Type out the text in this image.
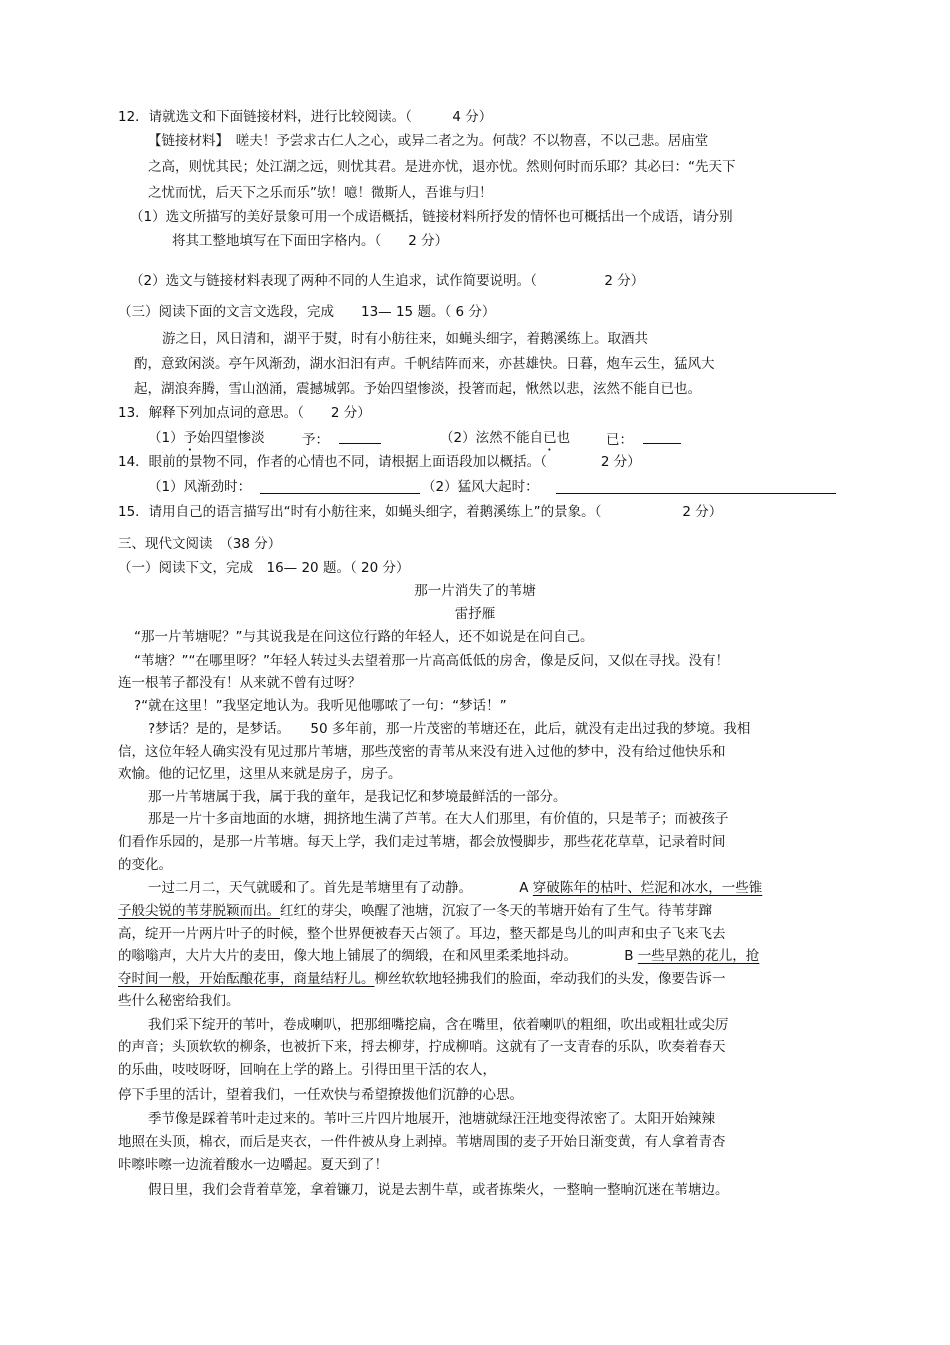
12．请就选文和下面链接材料，进行比较阅读。（　　　4 分）
【链接材料】　嗟夫！予尝求古仁人之心，或异二者之为。何哉？不以物喜，不以己悲。居庙堂
之高，则忧其民；处江湖之远，则忧其君。是进亦忧，退亦忧。然则何时而乐耶？其必曰：“先天下
之忧而忧，后天下之乐而乐”欤！噫！微斯人，吾谁与归！
（1）选文所描写的美好景象可用一个成语概括，链接材料所抒发的情怀也可概括出一个成语，请分别
将其工整地填写在下面田字格内。（　　2 分）
（2）选文与链接材料表现了两种不同的人生追求，试作简要说明。（　　　　　2 分）
（三）阅读下面的文言文选段，完成　　13— 15 题。（ 6 分）
游之日，风日清和，湖平于熨，时有小舫往来，如蝇头细字，着鹅溪练上。取酒共
酌，意致闲淡。亭午风渐劲，湖水汩汩有声。千帆结阵而来，亦甚雄快。日暮，炮车云生，猛风大
起，湖浪奔腾，雪山汹涌，震撼城郭。予始四望惨淡，投箸而起，愀然以悲，泫然不能自已也。
13．解释下列加点词的意思。（　　2 分）
（1）予始四望惨淡	予：	（2）泫然不能自已也	已：
14．眼前的景物不同，作者的心情也不同，请根据上面语段加以概括。（　　　　2 分）
（1）风渐劲时：	（2）猛风大起时：
15．请用自己的语言描写出“时有小舫往来，如蝇头细字，着鹅溪练上”的景象。（　　　　　　2 分）
三、现代文阅读　（38 分）
（一）阅读下文，完成　16— 20 题。（ 20 分）
那一片消失了的苇塘
雷抒雁
“那一片苇塘呢？”与其说我是在问这位行路的年轻人，还不如说是在问自己。
“苇塘？”“在哪里呀？”年轻人转过头去望着那一片高高低低的房舍，像是反问，又似在寻找。没有！
连一根苇子都没有！从来就不曾有过呀？
?“就在这里！”我坚定地认为。我听见他哪哝了一句：“梦话！”
?梦话？是的，是梦话。　　50 多年前，那一片茂密的苇塘还在，此后，就没有走出过我的梦境。我相
信，这位年轻人确实没有见过那片苇塘，那些茂密的青苇从来没有进入过他的梦中，没有给过他快乐和
欢愉。他的记忆里，这里从来就是房子，房子。
那一片苇塘属于我，属于我的童年，是我记忆和梦境最鲜活的一部分。
那是一片十多亩地面的水塘，拥挤地生满了芦苇。在大人们那里，有价值的，只是苇子；而被孩子
们看作乐园的，是那一片苇塘。每天上学，我们走过苇塘，都会放慢脚步，那些花花草草，记录着时间
的变化。
一过二月二，天气就暖和了。首先是苇塘里有了动静。　　　　A 穿破陈年的枯叶、烂泥和冰水，一些锥
子般尖锐的苇芽脱颖而出。红红的芽尖，唤醒了池塘，沉寂了一冬天的苇塘开始有了生气。待苇芽蹿
高，绽开一片两片叶子的时候，整个世界便被春天占领了。耳边，整天都是鸟儿的叫声和虫子飞来飞去
的嗡嗡声，大片大片的麦田，像大地上铺展了的绸缎，在和风里柔柔地抖动。　　　　B 一些早熟的花儿，抢
夺时间一般，开始酝酿花事，商量结籽儿。柳丝软软地轻拂我们的脸面，牵动我们的头发，像要告诉一
些什么秘密给我们。
我们采下绽开的苇叶，卷成喇叭，把那细嘴挖扁，含在嘴里，依着喇叭的粗细，吹出或粗壮或尖厉
的声音；头顶软软的柳条，也被折下来，捋去柳芽，拧成柳哨。这就有了一支青春的乐队，吹奏着春天
的乐曲，吱吱呀呀，回响在上学的路上。引得田里干活的农人，
停下手里的活计，望着我们，一任欢快与希望撩拨他们沉静的心思。
季节像是踩着苇叶走过来的。苇叶三片四片地展开，池塘就绿汪汪地变得浓密了。太阳开始辣辣
地照在头顶，棉衣，而后是夹衣，一件件被从身上剥掉。苇塘周围的麦子开始日渐变黄，有人拿着青杏
咔嚓咔嚓一边流着酸水一边嚼起。夏天到了！
假日里，我们会背着草笼，拿着镰刀，说是去割牛草，或者拣柴火，一整晌一整晌沉迷在苇塘边。
